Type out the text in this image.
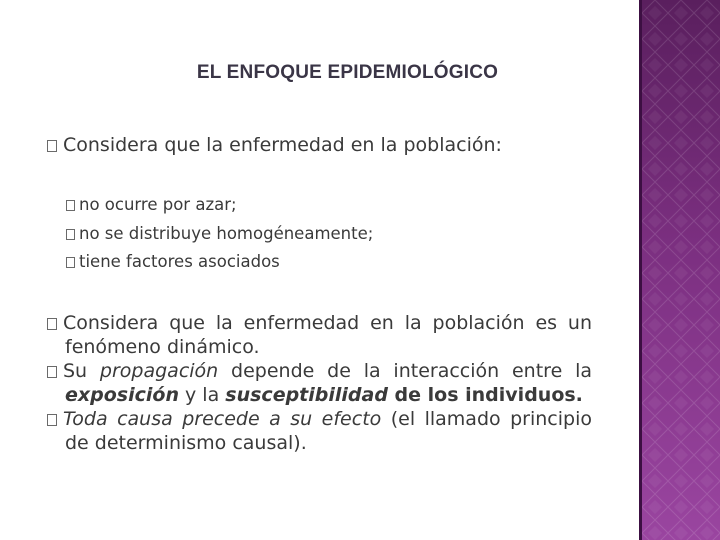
EL ENFOQUE EPIDEMIOLÓGICO
Considera que la enfermedad en la población:
no ocurre por azar;
no se distribuye homogéneamente;
tiene factores asociados
Considera que la enfermedad en la población es un fenómeno dinámico.
Su propagación depende de la interacción entre la exposición y la susceptibilidad de los individuos.
Toda causa precede a su efecto (el llamado principio de determinismo causal).
